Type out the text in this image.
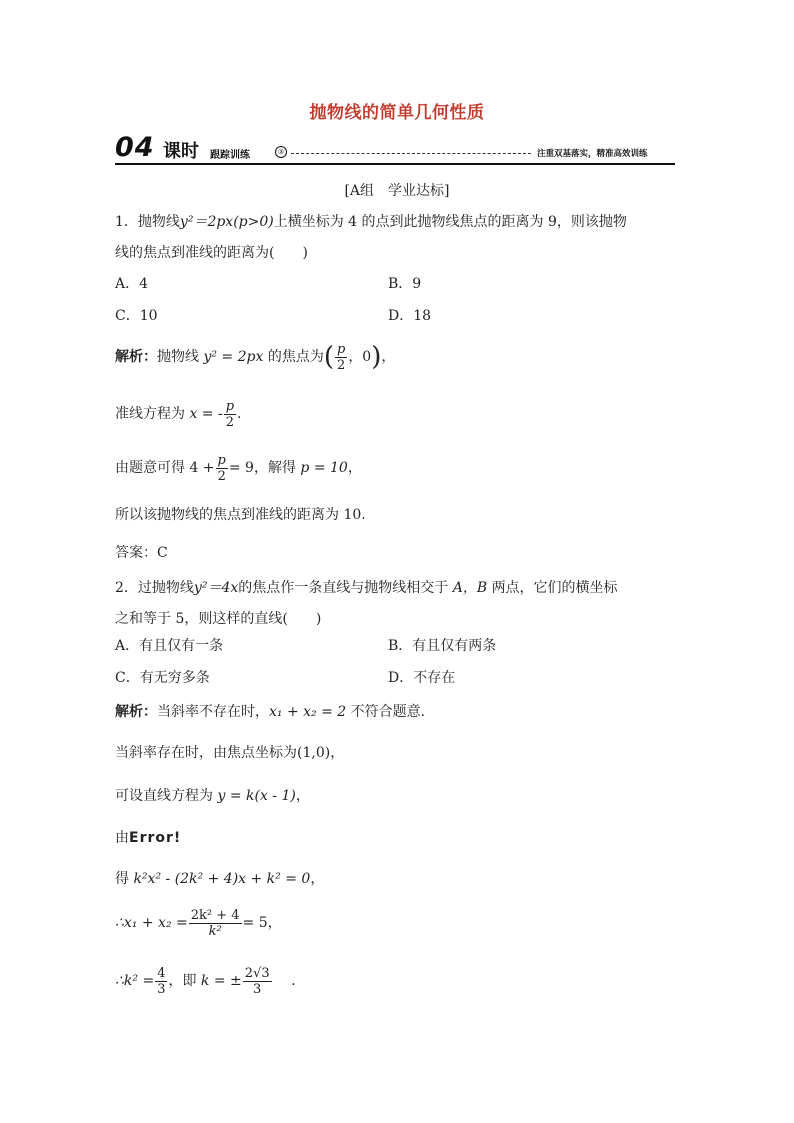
抛物线的简单几何性质
04 课时 跟踪训练	③	注重双基落实，精准高效训练
[A组　学业达标]
1．抛物线y²＝2px(p>0)上横坐标为 4 的点到此抛物线焦点的距离为 9，则该抛物
线的焦点到准线的距离为(　　)
A．4	B．9
C．10	D．18
解析：抛物线 y² = 2px 的焦点为( $\frac{p}{2}$ ，0)，
准线方程为 x = - $\frac{p}{2}$ .
由题意可得 $4 + \frac{p}{2} = 9$，解得 p = 10，
所以该抛物线的焦点到准线的距离为 10.
答案：C
2．过抛物线y²＝4x的焦点作一条直线与抛物线相交于 A，B 两点，它们的横坐标
之和等于 5，则这样的直线(　　)
A．有且仅有一条	B．有且仅有两条
C．有无穷多条	D．不存在
解析：当斜率不存在时，x₁ + x₂ = 2 不符合题意．
当斜率存在时，由焦点坐标为(1,0)，
可设直线方程为 y = k(x - 1)，
由Error!
得 k²x² - (2k² + 4)x + k² = 0，
∴x₁ + $x_2 = \frac{\text{2k² + 4}}{\text{k²}} = 5$，
∴k² = $\frac{4}{3}$ ，即 k = ± $\frac{2√3}{3}$ .
